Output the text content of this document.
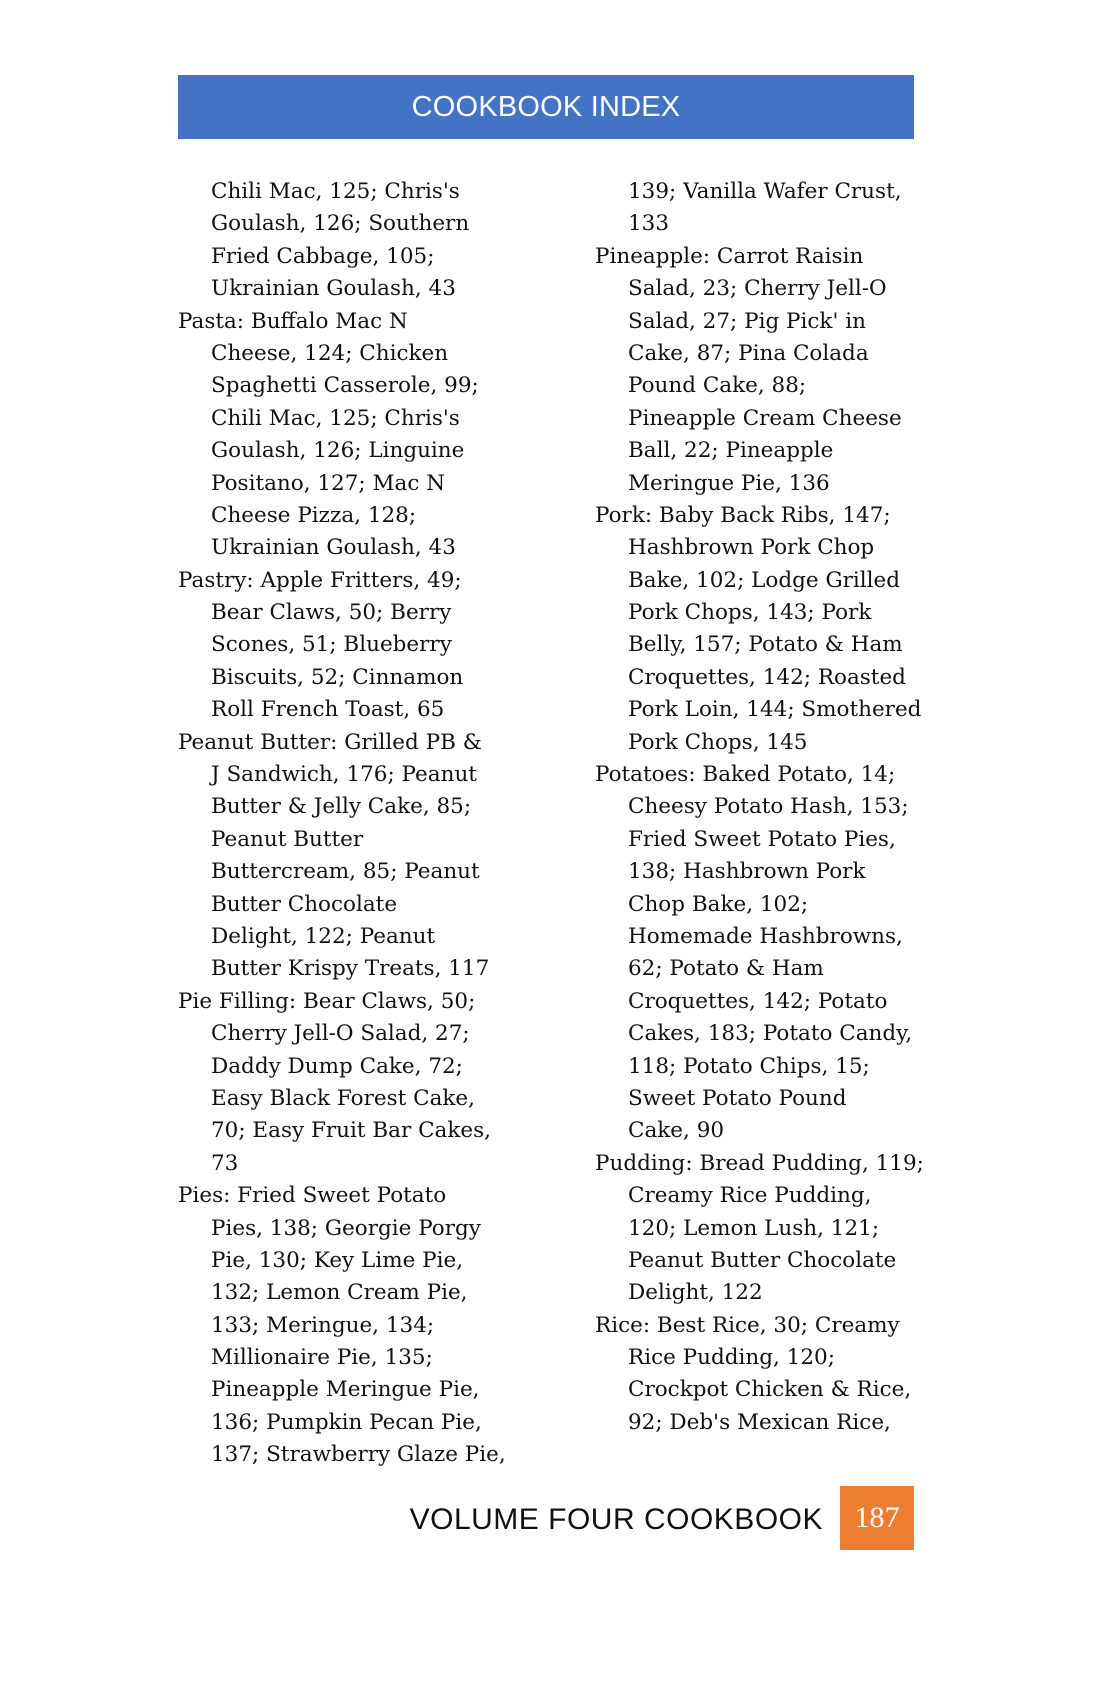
COOKBOOK INDEX
Chili Mac, 125; Chris's
Goulash, 126; Southern
Fried Cabbage, 105;
Ukrainian Goulash, 43
Pasta: Buffalo Mac N
Cheese, 124; Chicken
Spaghetti Casserole, 99;
Chili Mac, 125; Chris's
Goulash, 126; Linguine
Positano, 127; Mac N
Cheese Pizza, 128;
Ukrainian Goulash, 43
Pastry: Apple Fritters, 49;
Bear Claws, 50; Berry
Scones, 51; Blueberry
Biscuits, 52; Cinnamon
Roll French Toast, 65
Peanut Butter: Grilled PB &
J Sandwich, 176; Peanut
Butter & Jelly Cake, 85;
Peanut Butter
Buttercream, 85; Peanut
Butter Chocolate
Delight, 122; Peanut
Butter Krispy Treats, 117
Pie Filling: Bear Claws, 50;
Cherry Jell-O Salad, 27;
Daddy Dump Cake, 72;
Easy Black Forest Cake,
70; Easy Fruit Bar Cakes,
73
Pies: Fried Sweet Potato
Pies, 138; Georgie Porgy
Pie, 130; Key Lime Pie,
132; Lemon Cream Pie,
133; Meringue, 134;
Millionaire Pie, 135;
Pineapple Meringue Pie,
136; Pumpkin Pecan Pie,
137; Strawberry Glaze Pie,
139; Vanilla Wafer Crust,
133
Pineapple: Carrot Raisin
Salad, 23; Cherry Jell-O
Salad, 27; Pig Pick' in
Cake, 87; Pina Colada
Pound Cake, 88;
Pineapple Cream Cheese
Ball, 22; Pineapple
Meringue Pie, 136
Pork: Baby Back Ribs, 147;
Hashbrown Pork Chop
Bake, 102; Lodge Grilled
Pork Chops, 143; Pork
Belly, 157; Potato & Ham
Croquettes, 142; Roasted
Pork Loin, 144; Smothered
Pork Chops, 145
Potatoes: Baked Potato, 14;
Cheesy Potato Hash, 153;
Fried Sweet Potato Pies,
138; Hashbrown Pork
Chop Bake, 102;
Homemade Hashbrowns,
62; Potato & Ham
Croquettes, 142; Potato
Cakes, 183; Potato Candy,
118; Potato Chips, 15;
Sweet Potato Pound
Cake, 90
Pudding: Bread Pudding, 119;
Creamy Rice Pudding,
120; Lemon Lush, 121;
Peanut Butter Chocolate
Delight, 122
Rice: Best Rice, 30; Creamy
Rice Pudding, 120;
Crockpot Chicken & Rice,
92; Deb's Mexican Rice,
VOLUME FOUR COOKBOOK 187
